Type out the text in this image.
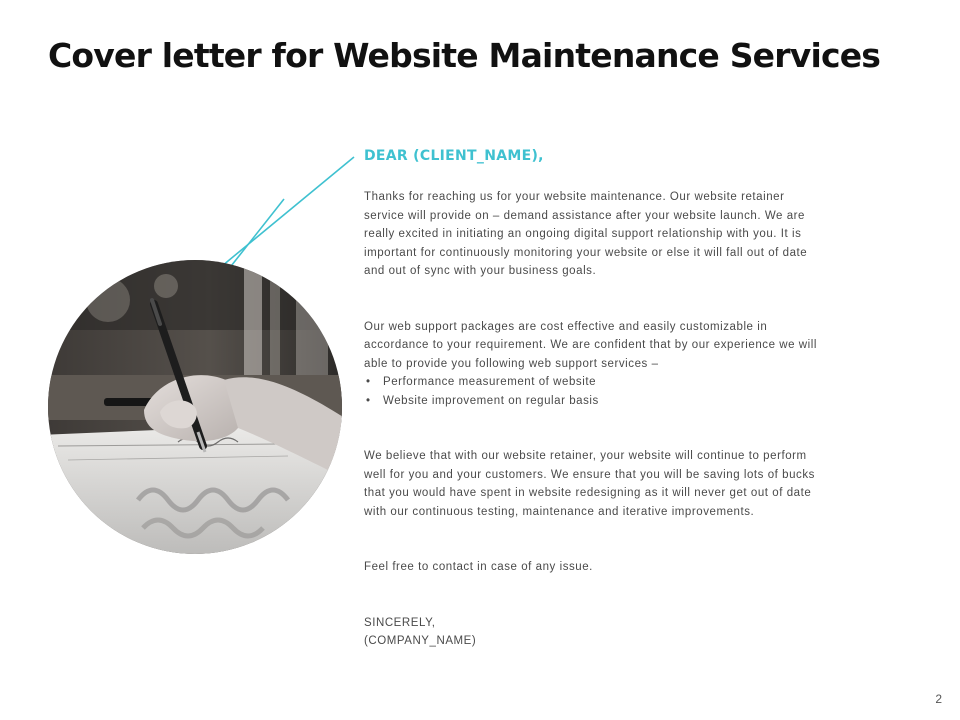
Cover letter for Website Maintenance Services
DEAR (CLIENT_NAME),
Thanks for reaching us for your website maintenance. Our website retainer
service will provide on – demand assistance after your website launch. We are
really excited in initiating an ongoing digital support relationship with you. It is
important for continuously monitoring your website or else it will fall out of date
and out of sync with your business goals.
Our web support packages are cost effective and easily customizable in
accordance to your requirement. We are confident that by our experience we will
able to provide you following web support services –
• Performance measurement of website
• Website improvement on regular basis
We believe that with our website retainer, your website will continue to perform
well for you and your customers. We ensure that you will be saving lots of bucks
that you would have spent in website redesigning as it will never get out of date
with our continuous testing, maintenance and iterative improvements.
Feel free to contact in case of any issue.
SINCERELY,
(COMPANY_NAME)
2
